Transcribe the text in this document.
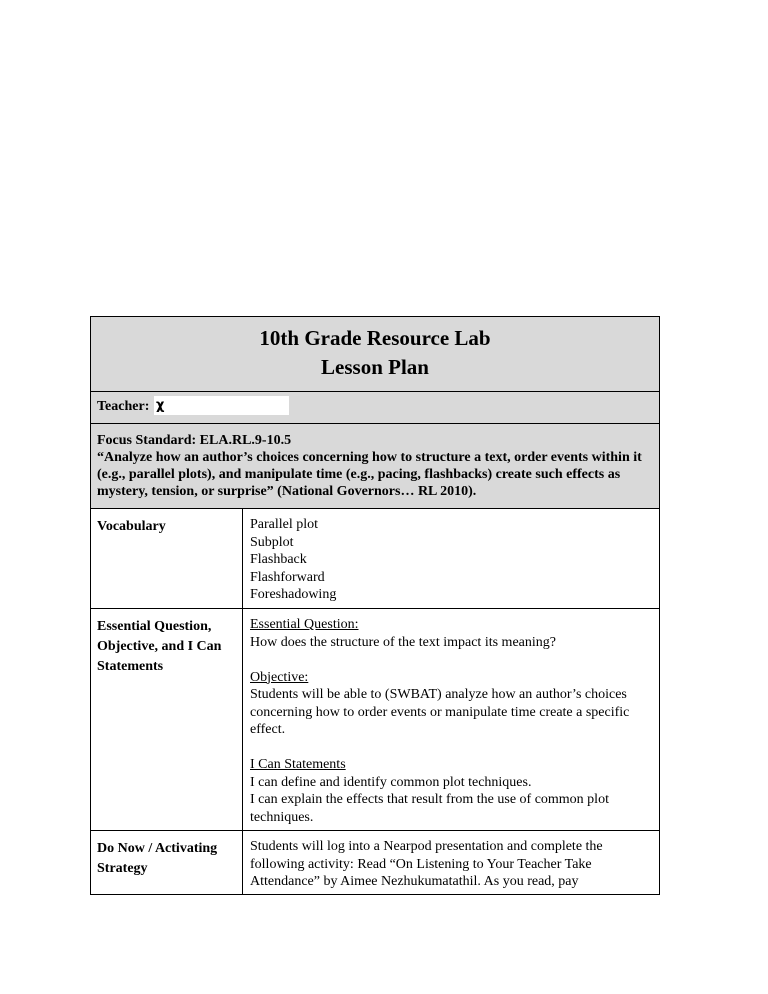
10th Grade Resource Lab
Lesson Plan
Teacher: χ
Focus Standard: ELA.RL.9-10.5
“Analyze how an author’s choices concerning how to structure a text, order events within it (e.g., parallel plots), and manipulate time (e.g., pacing, flashbacks) create such effects as mystery, tension, or surprise” (National Governors… RL 2010).
Vocabulary	Parallel plot
Subplot
Flashback
Flashforward
Foreshadowing
Essential Question, Objective, and I Can Statements
Essential Question:
How does the structure of the text impact its meaning?
Objective:
Students will be able to (SWBAT) analyze how an author’s choices concerning how to order events or manipulate time create a specific effect.
I Can Statements
I can define and identify common plot techniques.
I can explain the effects that result from the use of common plot techniques.
Do Now / Activating Strategy
Students will log into a Nearpod presentation and complete the following activity: Read “On Listening to Your Teacher Take Attendance” by Aimee Nezhukumatathil. As you read, pay
